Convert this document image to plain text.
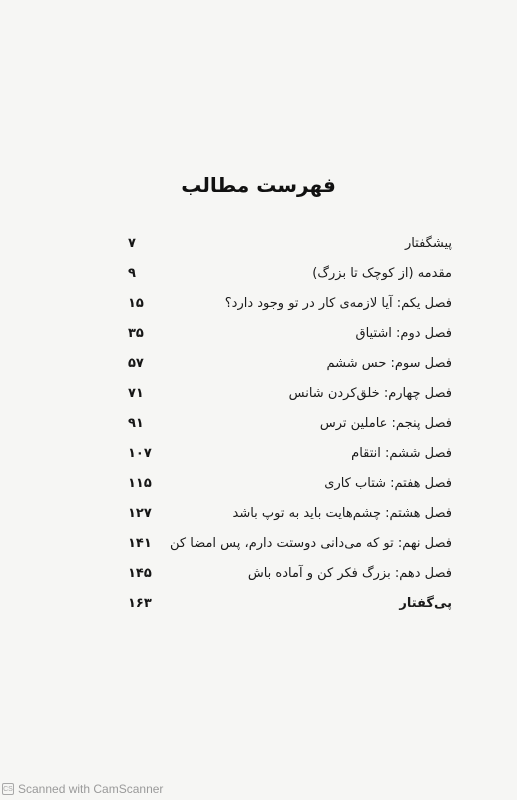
فهرست مطالب
۷	پیشگفتار
۹	مقدمه (از کوچک تا بزرگ)
۱۵	فصل یکم: آیا لازمه‌ی کار در تو وجود دارد؟
۳۵	فصل دوم: اشتیاق
۵۷	فصل سوم: حس ششم
۷۱	فصل چهارم: خلق‌کردن شانس
۹۱	فصل پنجم: عاملین ترس
۱۰۷	فصل ششم: انتقام
۱۱۵	فصل هفتم: شتاب کاری
۱۲۷	فصل هشتم: چشم‌هایت باید به توپ باشد
۱۴۱	فصل نهم: تو که می‌دانی دوستت دارم، پس امضا کن
۱۴۵	فصل دهم: بزرگ فکر کن و آماده باش
۱۶۳	پی‌گفتار
CS Scanned with CamScanner
